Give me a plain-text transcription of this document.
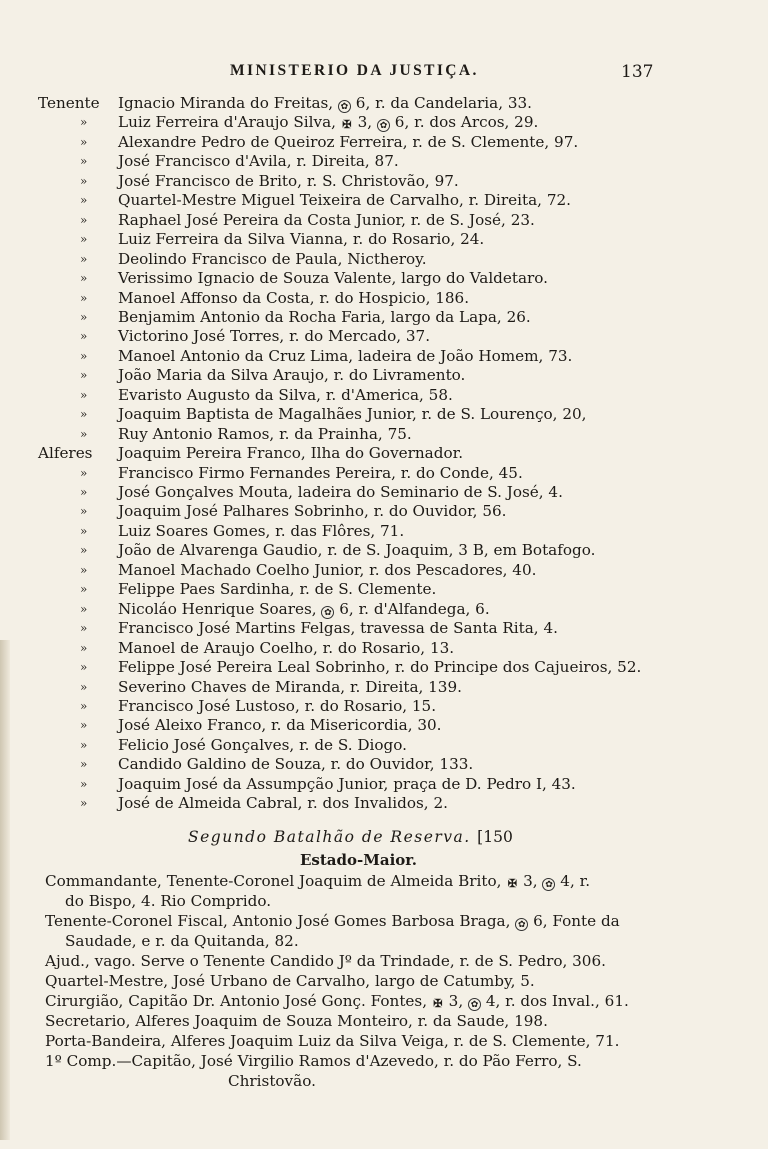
MINISTERIO DA JUSTIÇA.	137
Tenente Ignacio Miranda do Freitas, ✿ 6, r. da Candelaria, 33.
» Luiz Ferreira d'Araujo Silva, ✠ 3, ✿ 6, r. dos Arcos, 29.
» Alexandre Pedro de Queiroz Ferreira, r. de S. Clemente, 97.
» José Francisco d'Avila, r. Direita, 87.
» José Francisco de Brito, r. S. Christovão, 97.
» Quartel-Mestre Miguel Teixeira de Carvalho, r. Direita, 72.
» Raphael José Pereira da Costa Junior, r. de S. José, 23.
» Luiz Ferreira da Silva Vianna, r. do Rosario, 24.
» Deolindo Francisco de Paula, Nictheroy.
» Verissimo Ignacio de Souza Valente, largo do Valdetaro.
» Manoel Affonso da Costa, r. do Hospicio, 186.
» Benjamim Antonio da Rocha Faria, largo da Lapa, 26.
» Victorino José Torres, r. do Mercado, 37.
» Manoel Antonio da Cruz Lima, ladeira de João Homem, 73.
» João Maria da Silva Araujo, r. do Livramento.
» Evaristo Augusto da Silva, r. d'America, 58.
» Joaquim Baptista de Magalhães Junior, r. de S. Lourenço, 20,
» Ruy Antonio Ramos, r. da Prainha, 75.
Alferes Joaquim Pereira Franco, Ilha do Governador.
» Francisco Firmo Fernandes Pereira, r. do Conde, 45.
» José Gonçalves Mouta, ladeira do Seminario de S. José, 4.
» Joaquim José Palhares Sobrinho, r. do Ouvidor, 56.
» Luiz Soares Gomes, r. das Flôres, 71.
» João de Alvarenga Gaudio, r. de S. Joaquim, 3 B, em Botafogo.
» Manoel Machado Coelho Junior, r. dos Pescadores, 40.
» Felippe Paes Sardinha, r. de S. Clemente.
» Nicoláo Henrique Soares, ✿ 6, r. d'Alfandega, 6.
» Francisco José Martins Felgas, travessa de Santa Rita, 4.
» Manoel de Araujo Coelho, r. do Rosario, 13.
» Felippe José Pereira Leal Sobrinho, r. do Principe dos Cajueiros, 52.
» Severino Chaves de Miranda, r. Direita, 139.
» Francisco José Lustoso, r. do Rosario, 15.
» José Aleixo Franco, r. da Misericordia, 30.
» Felicio José Gonçalves, r. de S. Diogo.
» Candido Galdino de Souza, r. do Ouvidor, 133.
» Joaquim José da Assumpção Junior, praça de D. Pedro I, 43.
» José de Almeida Cabral, r. dos Invalidos, 2.
Segundo Batalhão de Reserva. [150
Estado-Maior.
Commandante, Tenente-Coronel Joaquim de Almeida Brito, ✠ 3, ✿ 4, r.
do Bispo, 4. Rio Comprido.
Tenente-Coronel Fiscal, Antonio José Gomes Barbosa Braga, ✿ 6, Fonte da
Saudade, e r. da Quitanda, 82.
Ajud., vago. Serve o Tenente Candido Jº da Trindade, r. de S. Pedro, 306.
Quartel-Mestre, José Urbano de Carvalho, largo de Catumby, 5.
Cirurgião, Capitão Dr. Antonio José Gonç. Fontes, ✠ 3, ✿ 4, r. dos Inval., 61.
Secretario, Alferes Joaquim de Souza Monteiro, r. da Saude, 198.
Porta-Bandeira, Alferes Joaquim Luiz da Silva Veiga, r. de S. Clemente, 71.
1º Comp.—Capitão, José Virgilio Ramos d'Azevedo, r. do Pão Ferro, S.
Christovão.
